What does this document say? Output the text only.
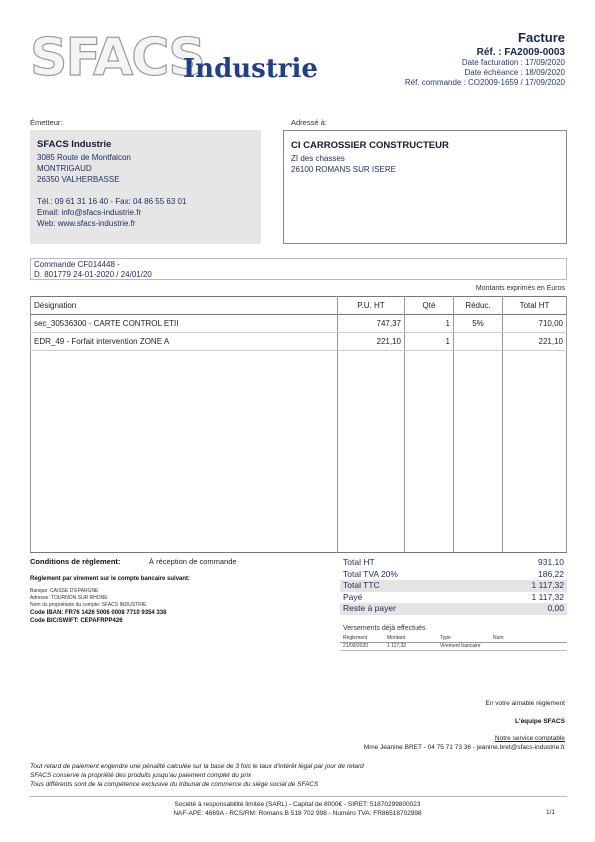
SFACS
Industrie
Facture
Réf. : FA2009-0003
Date facturation : 17/09/2020
Date échéance : 18/09/2020
Réf. commande : CO2009-1659 / 17/09/2020
Émetteur:	Adressé à:
SFACS Industrie
3085 Route de Montfalcon
MONTRIGAUD
26350 VALHERBASSE
Tél.: 09 61 31 16 40 - Fax: 04 86 55 63 01
Email: info@sfacs-industrie.fr
Web: www.sfacs-industrie.fr
CI CARROSSIER CONSTRUCTEUR
ZI des chasses
26100 ROMANS SUR ISERE
Commande CF014448 -
D. 801779 24-01-2020 / 24/01/20
Montants exprimés en Euros
Désignation	P.U. HT	Qté	Réduc.	Total HT
sec_30536300 - CARTE CONTROL ETII	747,37	1	5%	710,00
EDR_49 - Forfait intervention ZONE A	221,10	1		221,10

Conditions de règlement:	À réception de commande
Règlement par virement sur le compte bancaire suivant:
Banque: CAISSE D'EPARGNE
Adresse: TOURNON SUR RHONE
Nom du propriétaire du compte: SFACS INDUSTRIE
Code IBAN: FR76 1426 5006 0008 7710 9354 338
Code BIC/SWIFT: CEPAFRPP426
Total HT	931,10
Total TVA 20%	186,22
Total TTC	1 117,32
Payé	1 117,32
Reste à payer	0,00
Versements déjà effectués
Règlement	Montant	Type	Num
21/09/2020	1 117,32	Virement bancaire
En votre aimable règlement
L'équipe SFACS
Notre service comptable
Mme Jeanine BRET - 04 75 71 73 36 - jeanine.bret@sfacs-industrie.fr
Tout retard de paiement engendre une pénalité calculée sur la base de 3 fois le taux d'intérêt légal par jour de retard
SFACS conserve la propriété des produits jusqu'au paiement complet du prix
Tous différents sont de la compétence exclusive du tribunal de commerce du siège social de SFACS
Société à responsabilité limitée (SARL) - Capital de 8000€ - SIRET: 51870299800023
NAF-APE: 4669A - RCS/RM: Romans B 518 702 998 - Numéro TVA: FR86518702998	1/1
